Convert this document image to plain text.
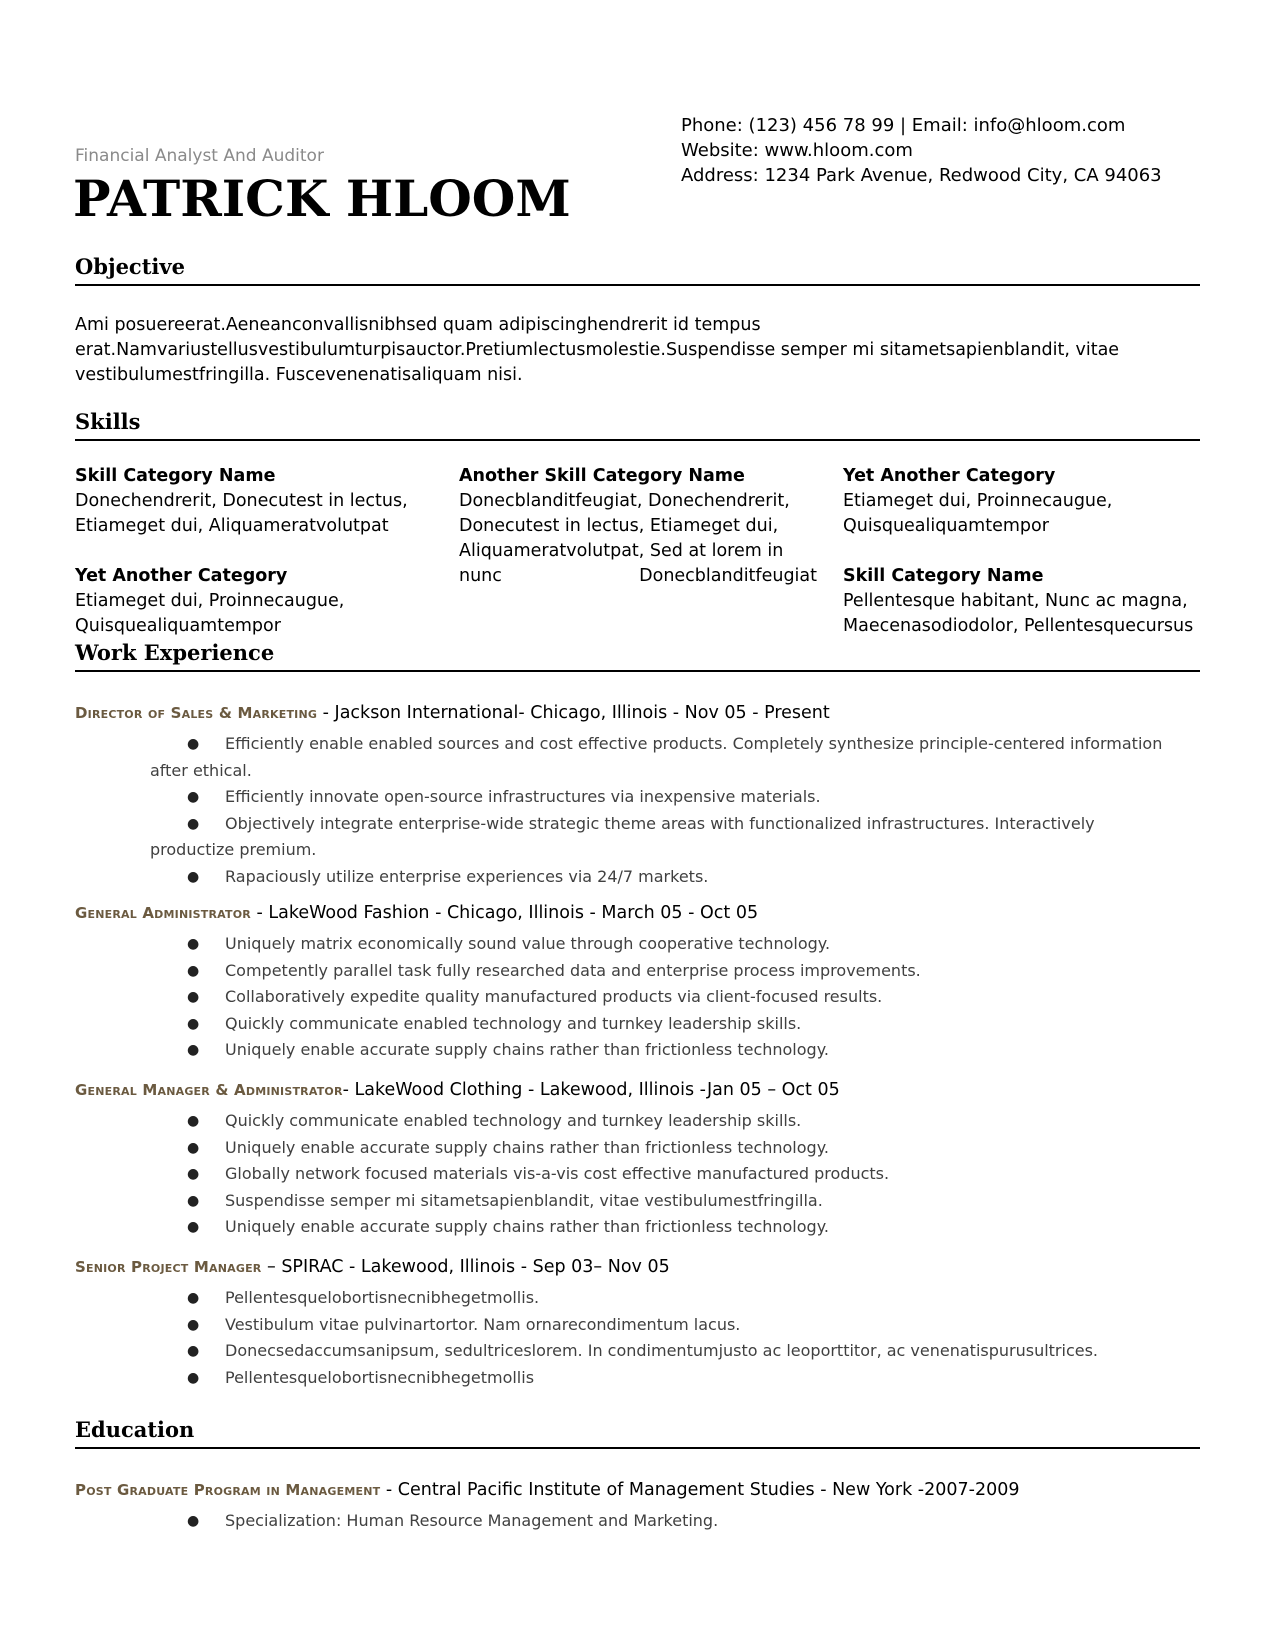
Financial Analyst And Auditor
PATRICK HLOOM
Phone: (123) 456 78 99 | Email: info@hloom.com
Website: www.hloom.com
Address: 1234 Park Avenue, Redwood City, CA 94063
Objective
Ami posuereerat.Aeneanconvallisnibhsed quam adipiscinghendrerit id tempus
erat.Namvariustellusvestibulumturpisauctor.Pretiumlectusmolestie.Suspendisse semper mi sitametsapienblandit, vitae
vestibulumestfringilla. Fuscevenenatisaliquam nisi.
Skills
Skill Category Name
Donechendrerit, Donecutest in lectus,
Etiameget dui, Aliquameratvolutpat
Another Skill Category Name
Donecblanditfeugiat, Donechendrerit,
Donecutest in lectus, Etiameget dui,
Aliquameratvolutpat, Sed at lorem in
nunc	Donecblanditfeugiat
Yet Another Category
Etiameget dui, Proinnecaugue,
Quisquealiquamtempor
Yet Another Category
Etiameget dui, Proinnecaugue,
Quisquealiquamtempor
Skill Category Name
Pellentesque habitant, Nunc ac magna,
Maecenasodiodolor, Pellentesquecursus
Work Experience
Director of Sales & Marketing - Jackson International- Chicago, Illinois - Nov 05 - Present
●	Efficiently enable enabled sources and cost effective products. Completely synthesize principle-centered information
after ethical.
● Efficiently innovate open-source infrastructures via inexpensive materials.
●	Objectively integrate enterprise-wide strategic theme areas with functionalized infrastructures. Interactively
productize premium.
● Rapaciously utilize enterprise experiences via 24/7 markets.
General Administrator - LakeWood Fashion - Chicago, Illinois - March 05 - Oct 05
● Uniquely matrix economically sound value through cooperative technology.
● Competently parallel task fully researched data and enterprise process improvements.
● Collaboratively expedite quality manufactured products via client-focused results.
● Quickly communicate enabled technology and turnkey leadership skills.
● Uniquely enable accurate supply chains rather than frictionless technology.
General Manager & Administrator- LakeWood Clothing - Lakewood, Illinois -Jan 05 – Oct 05
● Quickly communicate enabled technology and turnkey leadership skills.
● Uniquely enable accurate supply chains rather than frictionless technology.
● Globally network focused materials vis-a-vis cost effective manufactured products.
● Suspendisse semper mi sitametsapienblandit, vitae vestibulumestfringilla.
● Uniquely enable accurate supply chains rather than frictionless technology.
Senior Project Manager – SPIRAC - Lakewood, Illinois - Sep 03– Nov 05
● Pellentesquelobortisnecnibhegetmollis.
● Vestibulum vitae pulvinartortor. Nam ornarecondimentum lacus.
● Donecsedaccumsanipsum, sedultriceslorem. In condimentumjusto ac leoporttitor, ac venenatispurusultrices.
● Pellentesquelobortisnecnibhegetmollis
Education
Post Graduate Program in Management - Central Pacific Institute of Management Studies - New York -2007-2009
● Specialization: Human Resource Management and Marketing.
